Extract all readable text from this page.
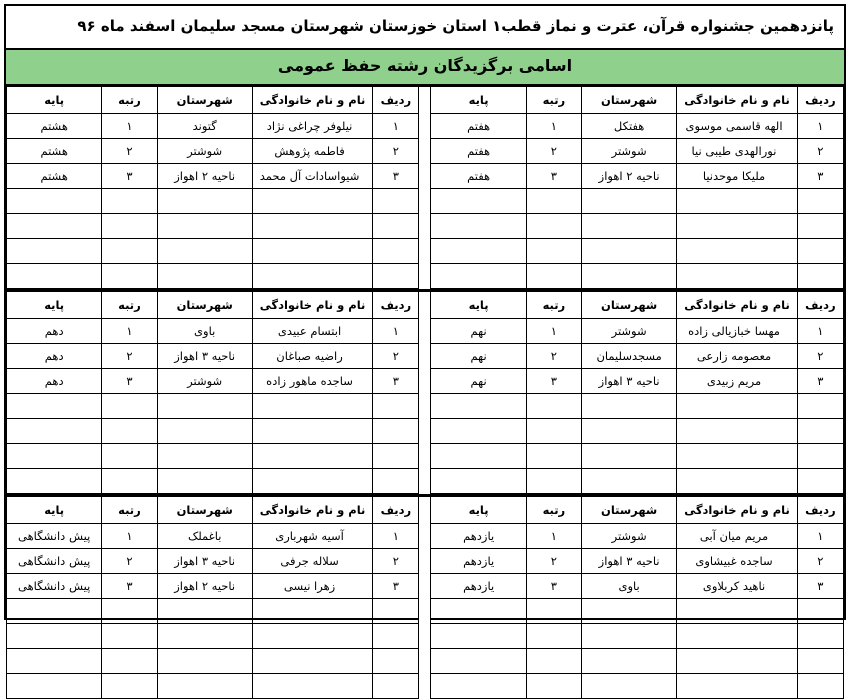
پانزدهمین جشنواره قرآن، عترت و نماز قطب۱ استان خوزستان شهرستان مسجد سلیمان اسفند ماه ۹۶
اسامی برگزیدگان رشته حفظ عمومی
پایه	رتبه	شهرستان	نام و نام خانوادگی	ردیف		پایه	رتبه	شهرستان	نام و نام خانوادگی	ردیف
هشتم	۱	گتوند	نیلوفر چراغی نژاد	۱		هفتم	۱	هفتکل	الهه قاسمی موسوی	۱
هشتم	۲	شوشتر	فاطمه پژوهش	۲		هفتم	۲	شوشتر	نورالهدی طیبی نیا	۲
هشتم	۳	ناحیه ۲ اهواز	شیواسادات آل محمد	۳		هفتم	۳	ناحیه ۲ اهواز	ملیکا موحدنیا	۳

پایه	رتبه	شهرستان	نام و نام خانوادگی	ردیف		پایه	رتبه	شهرستان	نام و نام خانوادگی	ردیف
دهم	۱	باوی	ابتسام عبیدی	۱		نهم	۱	شوشتر	مهسا خبازیالی زاده	۱
دهم	۲	ناحیه ۳ اهواز	راضیه صباغان	۲		نهم	۲	مسجدسلیمان	معصومه زارعی	۲
دهم	۳	شوشتر	ساجده ماهور زاده	۳		نهم	۳	ناحیه ۳ اهواز	مریم زبیدی	۳

پایه	رتبه	شهرستان	نام و نام خانوادگی	ردیف		پایه	رتبه	شهرستان	نام و نام خانوادگی	ردیف
پیش دانشگاهی	۱	باغملک	آسیه شهرباری	۱		یازدهم	۱	شوشتر	مریم میان آبی	۱
پیش دانشگاهی	۲	ناحیه ۳ اهواز	سلاله جرفی	۲		یازدهم	۲	ناحیه ۳ اهواز	ساجده غبیشاوی	۲
پیش دانشگاهی	۳	ناحیه ۲ اهواز	زهرا نیسی	۳		یازدهم	۳	باوی	ناهید کربلاوی	۳
